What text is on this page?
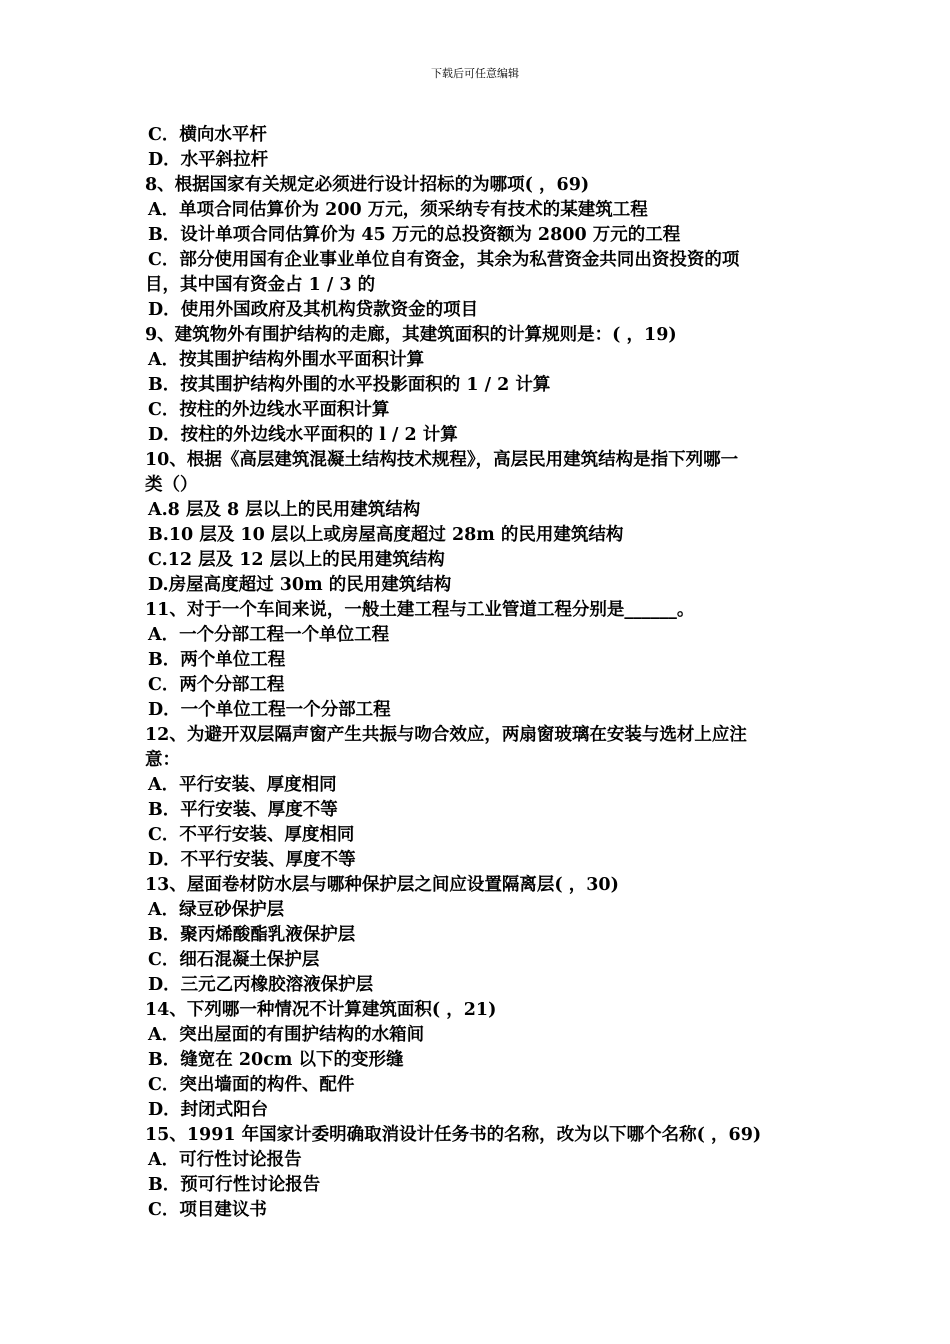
下载后可任意编辑
C．横向水平杆
D．水平斜拉杆
8、根据国家有关规定必须进行设计招标的为哪项( ，69)
A．单项合同估算价为 200 万元，须采纳专有技术的某建筑工程
B．设计单项合同估算价为 45 万元的总投资额为 2800 万元的工程
C．部分使用国有企业事业单位自有资金，其余为私营资金共同出资投资的项
目，其中国有资金占 1 / 3 的
D．使用外国政府及其机构贷款资金的项目
9、建筑物外有围护结构的走廊，其建筑面积的计算规则是：( ，19)
A．按其围护结构外围水平面积计算
B．按其围护结构外围的水平投影面积的 1 / 2 计算
C．按柱的外边线水平面积计算
D．按柱的外边线水平面积的 l / 2 计算
10、根据《高层建筑混凝土结构技术规程》，高层民用建筑结构是指下列哪一
类（）
A.8 层及 8 层以上的民用建筑结构
B.10 层及 10 层以上或房屋高度超过 28m 的民用建筑结构
C.12 层及 12 层以上的民用建筑结构
D.房屋高度超过 30m 的民用建筑结构
11、对于一个车间来说，一般土建工程与工业管道工程分别是______。
A．一个分部工程一个单位工程
B．两个单位工程
C．两个分部工程
D．一个单位工程一个分部工程
12、为避开双层隔声窗产生共振与吻合效应，两扇窗玻璃在安装与选材上应注
意：
A．平行安装、厚度相同
B．平行安装、厚度不等
C．不平行安装、厚度相同
D．不平行安装、厚度不等
13、屋面卷材防水层与哪种保护层之间应设置隔离层( ，30)
A．绿豆砂保护层
B．聚丙烯酸酯乳液保护层
C．细石混凝土保护层
D．三元乙丙橡胶溶液保护层
14、下列哪一种情况不计算建筑面积( ，21)
A．突出屋面的有围护结构的水箱间
B．缝宽在 20cm 以下的变形缝
C．突出墙面的构件、配件
D．封闭式阳台
15、1991 年国家计委明确取消设计任务书的名称，改为以下哪个名称( ，69)
A．可行性讨论报告
B．预可行性讨论报告
C．项目建议书
